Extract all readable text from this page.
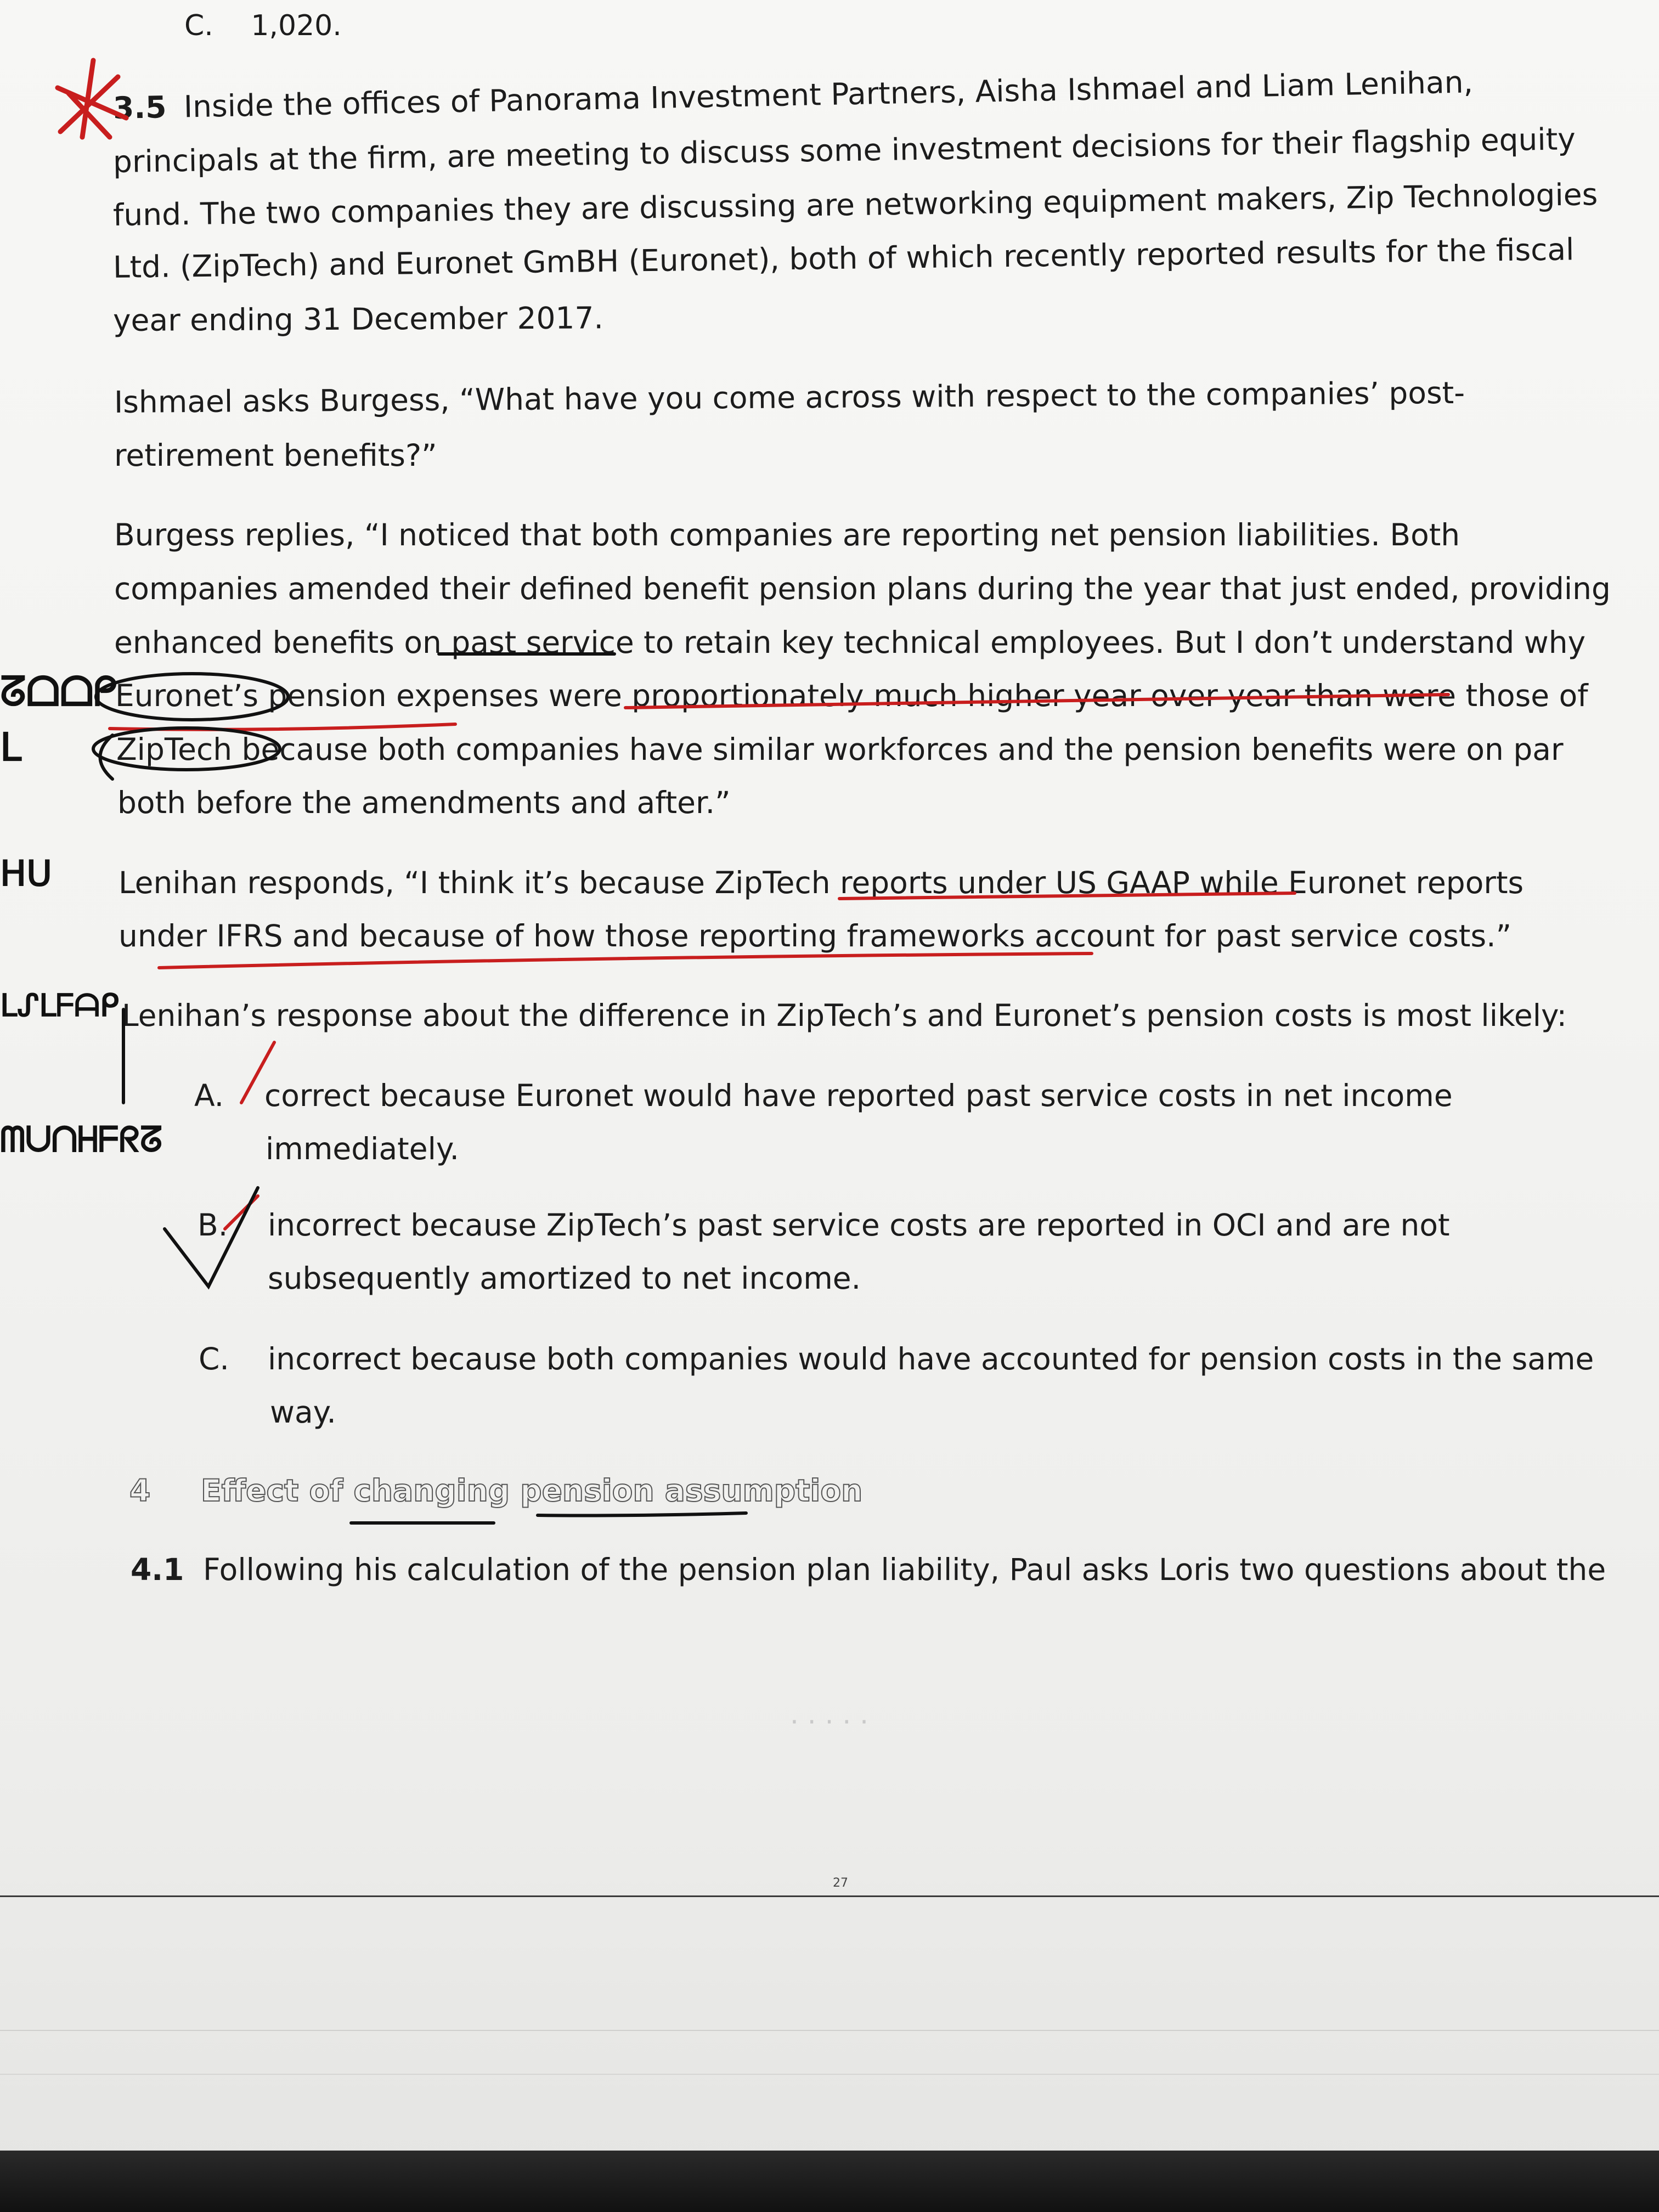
C. 1,020.
3.5 Inside the offices of Panorama Investment Partners, Aisha Ishmael and Liam Lenihan,
principals at the firm, are meeting to discuss some investment decisions for their flagship equity
fund. The two companies they are discussing are networking equipment makers, Zip Technologies
Ltd. (ZipTech) and Euronet GmBH (Euronet), both of which recently reported results for the fiscal
year ending 31 December 2017.
Ishmael asks Burgess, “What have you come across with respect to the companies’ post-
retirement benefits?”
Burgess replies, “I noticed that both companies are reporting net pension liabilities. Both
companies amended their defined benefit pension plans during the year that just ended, providing
enhanced benefits on past service to retain key technical employees. But I don’t understand why
Euronet’s pension expenses were proportionately much higher year over year than were those of
ZipTech because both companies have similar workforces and the pension benefits were on par
both before the amendments and after.”
Lenihan responds, “I think it’s because ZipTech reports under US GAAP while Euronet reports
under IFRS and because of how those reporting frameworks account for past service costs.”
Lenihan’s response about the difference in ZipTech’s and Euronet’s pension costs is most likely:
A. correct because Euronet would have reported past service costs in net income
immediately.
B. incorrect because ZipTech’s past service costs are reported in OCI and are not
subsequently amortized to net income.
C. incorrect because both companies would have accounted for pension costs in the same
way.
4 Effect of changing pension assumption
4.1 Following his calculation of the pension plan liability, Paul asks Loris two questions about the
27
ᘔᗝᗝᑭ
ᒪ
̶ᕼᑌ
ᒪᔑᒪᖴᗩᑭ
ᗰᑌᑎᕼᖴᖇᘔ
· · · · ·
